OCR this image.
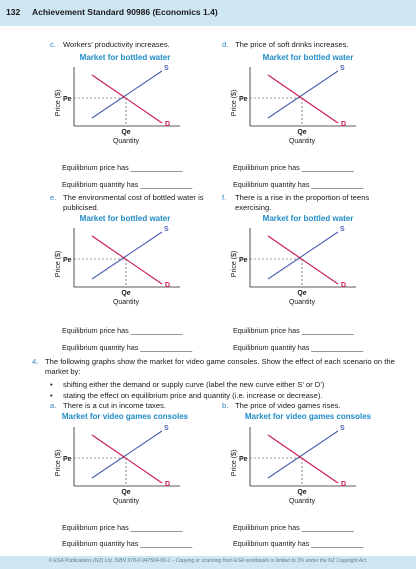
132 Achievement Standard 90986 (Economics 1.4)
c. Workers’ productivity increases.
Market for bottled water
Price ($) Pe
Qe
Quantity
S
D
Equilibrium price has _____________
Equilibrium quantity has _____________
d. The price of soft drinks increases.
Market for bottled water
Price ($) Pe
Qe
Quantity
S
D
Equilibrium price has _____________
Equilibrium quantity has _____________
e. The environmental cost of bottled water is
publicised.
Market for bottled water
Price ($) Pe
Qe
Quantity
S
D
Equilibrium price has _____________
Equilibrium quantity has _____________
f. There is a rise in the proportion of teens
exercising.
Market for bottled water
Price ($) Pe
Qe
Quantity
S
D
Equilibrium price has _____________
Equilibrium quantity has _____________
4. The following graphs show the market for video game consoles. Show the effect of each scenario on the
market by:
• shifting either the demand or supply curve (label the new curve either S’ or D’)
• stating the effect on equilibrium price and quantity (i.e. increase or decrease).
a. There is a cut in income taxes.
Market for video games consoles
Price ($) Pe
Qe
Quantity
S
D
Equilibrium price has _____________
Equilibrium quantity has _____________
b. The price of video games rises.
Market for video games consoles
Price ($) Pe
Qe
Quantity
S
D
Equilibrium price has _____________
Equilibrium quantity has _____________
© ESA Publications (NZ) Ltd, ISBN 978-0-947504-90-1 – Copying or scanning from ESA workbooks is limited to 3% under the NZ Copyright Act.
